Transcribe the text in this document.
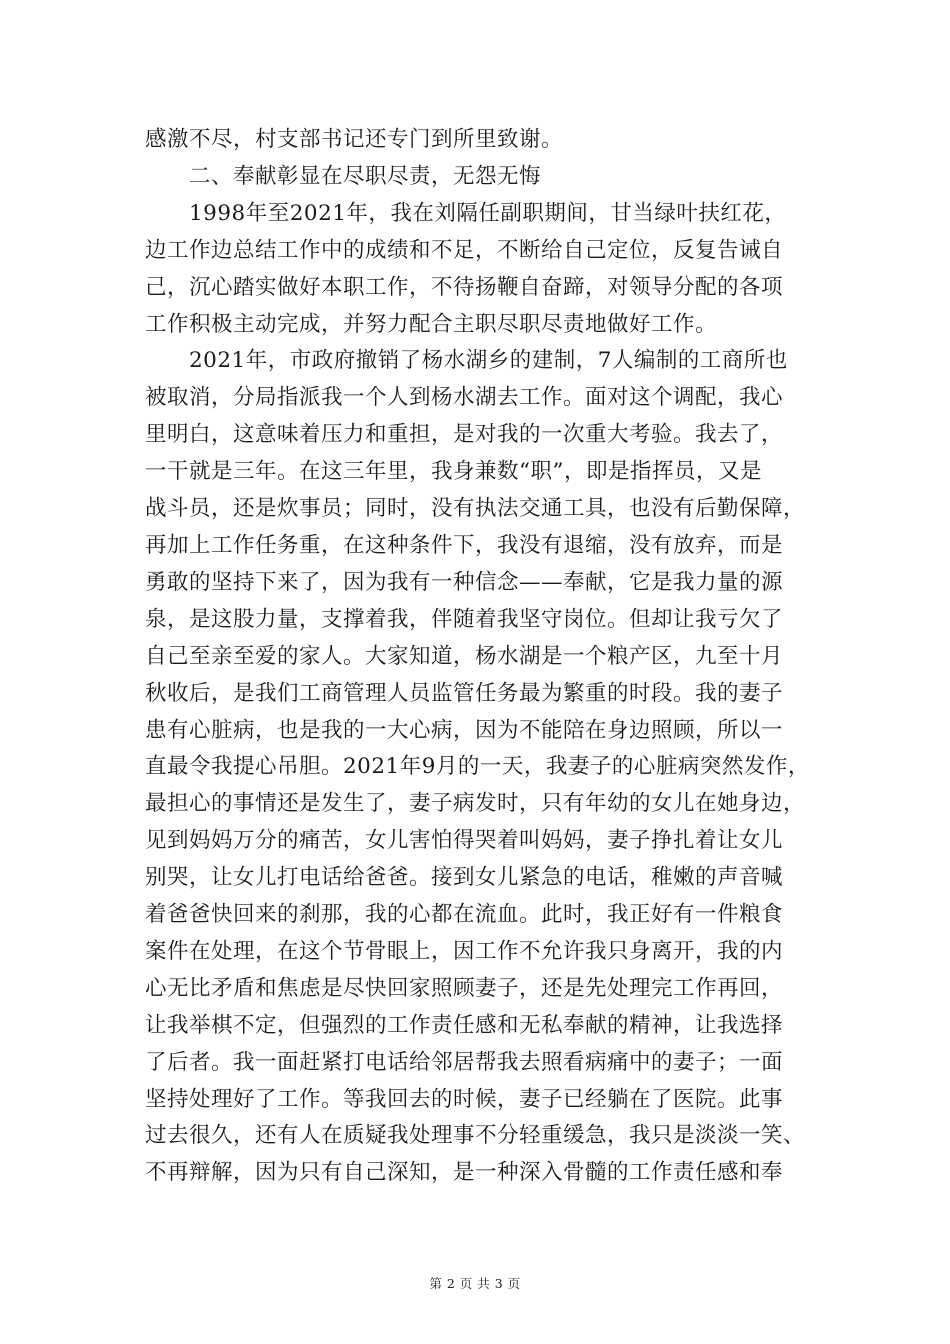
感激不尽，村支部书记还专门到所里致谢。
　　二、奉献彰显在尽职尽责，无怨无悔
　　1998年至2021年，我在刘隔任副职期间，甘当绿叶扶红花，
边工作边总结工作中的成绩和不足，不断给自己定位，反复告诫自
己，沉心踏实做好本职工作，不待扬鞭自奋蹄，对领导分配的各项
工作积极主动完成，并努力配合主职尽职尽责地做好工作。
　　2021年，市政府撤销了杨水湖乡的建制，7人编制的工商所也
被取消，分局指派我一个人到杨水湖去工作。面对这个调配，我心
里明白，这意味着压力和重担，是对我的一次重大考验。我去了，
一干就是三年。在这三年里，我身兼数“职”，即是指挥员，又是
战斗员，还是炊事员；同时，没有执法交通工具，也没有后勤保障，
再加上工作任务重，在这种条件下，我没有退缩，没有放弃，而是
勇敢的坚持下来了，因为我有一种信念——奉献，它是我力量的源
泉，是这股力量，支撑着我，伴随着我坚守岗位。但却让我亏欠了
自己至亲至爱的家人。大家知道，杨水湖是一个粮产区，九至十月
秋收后，是我们工商管理人员监管任务最为繁重的时段。我的妻子
患有心脏病，也是我的一大心病，因为不能陪在身边照顾，所以一
直最令我提心吊胆。2021年9月的一天，我妻子的心脏病突然发作，
最担心的事情还是发生了，妻子病发时，只有年幼的女儿在她身边，
见到妈妈万分的痛苦，女儿害怕得哭着叫妈妈，妻子挣扎着让女儿
别哭，让女儿打电话给爸爸。接到女儿紧急的电话，稚嫩的声音喊
着爸爸快回来的刹那，我的心都在流血。此时，我正好有一件粮食
案件在处理，在这个节骨眼上，因工作不允许我只身离开，我的内
心无比矛盾和焦虑是尽快回家照顾妻子，还是先处理完工作再回，
让我举棋不定，但强烈的工作责任感和无私奉献的精神，让我选择
了后者。我一面赶紧打电话给邻居帮我去照看病痛中的妻子；一面
坚持处理好了工作。等我回去的时候，妻子已经躺在了医院。此事
过去很久，还有人在质疑我处理事不分轻重缓急，我只是淡淡一笑、
不再辩解，因为只有自己深知，是一种深入骨髓的工作责任感和奉
第 2 页 共 3 页
